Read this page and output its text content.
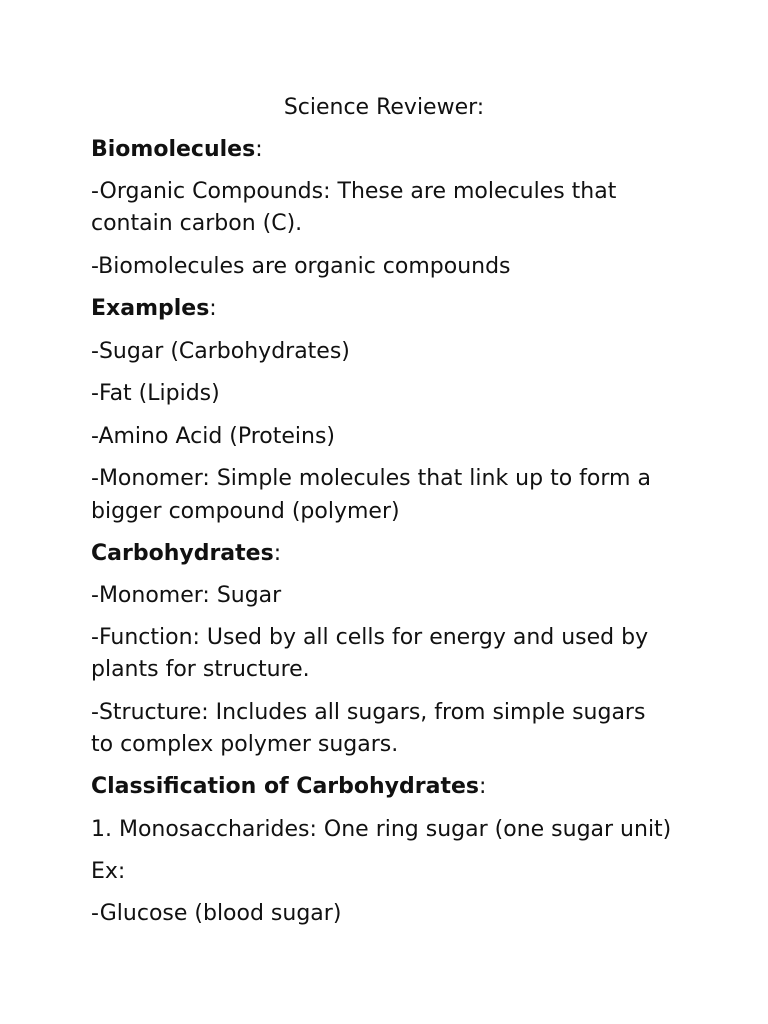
Science Reviewer:
Biomolecules:
-Organic Compounds: These are molecules that
contain carbon (C).
-Biomolecules are organic compounds
Examples:
-Sugar (Carbohydrates)
-Fat (Lipids)
-Amino Acid (Proteins)
-Monomer: Simple molecules that link up to form a
bigger compound (polymer)
Carbohydrates:
-Monomer: Sugar
-Function: Used by all cells for energy and used by
plants for structure.
-Structure: Includes all sugars, from simple sugars
to complex polymer sugars.
Classification of Carbohydrates:
1. Monosaccharides: One ring sugar (one sugar unit)
Ex:
-Glucose (blood sugar)
